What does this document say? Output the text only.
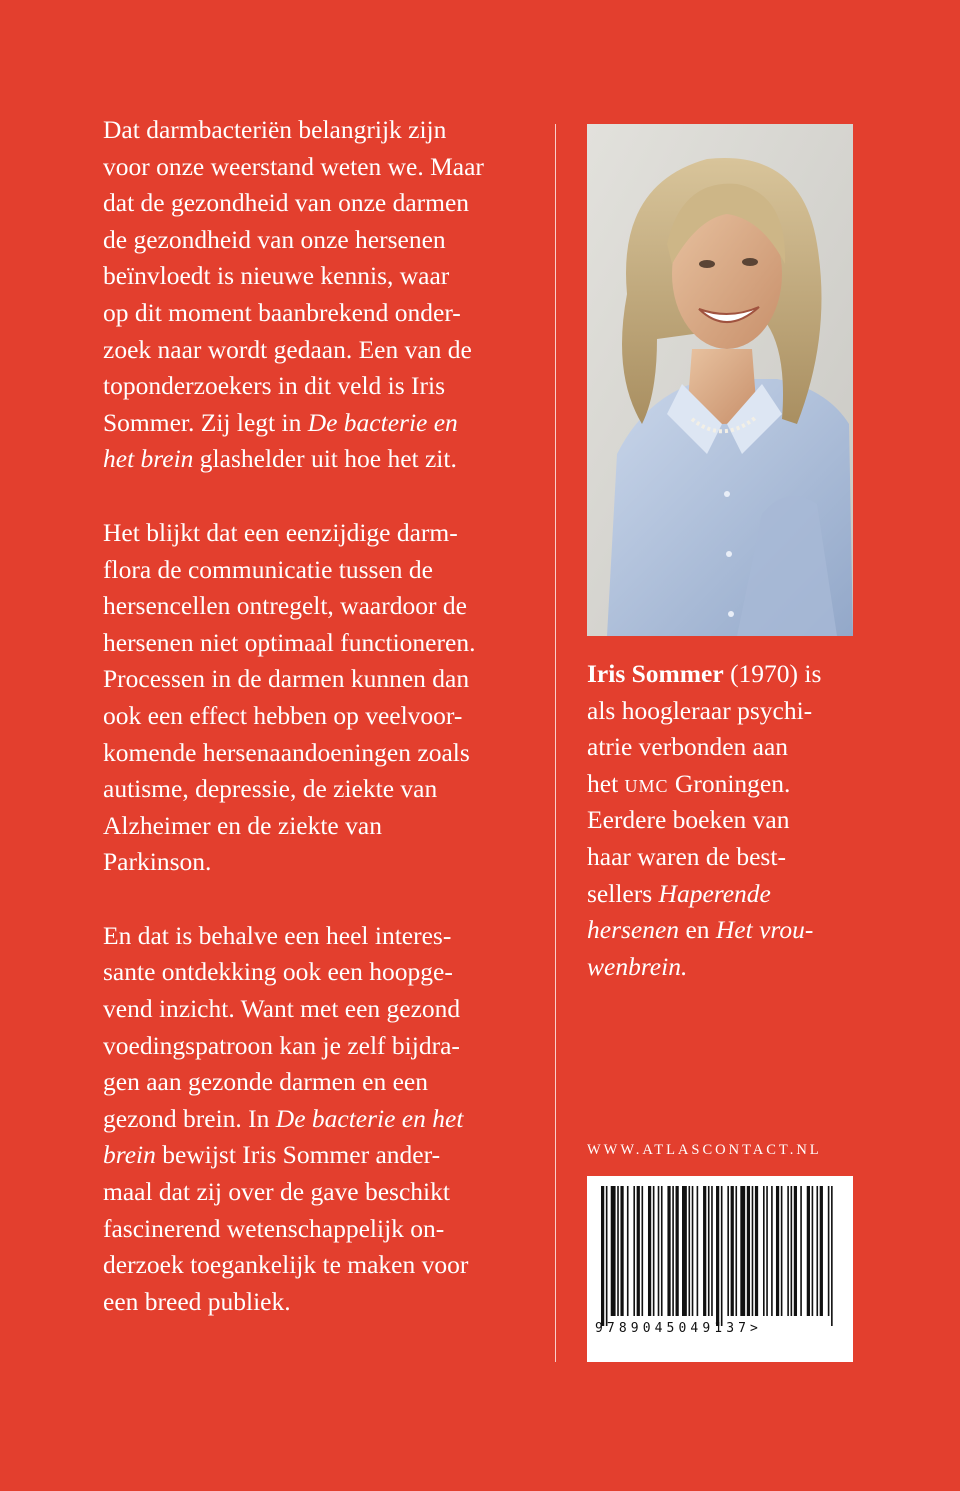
Dat darmbacteriën belangrijk zijn
voor onze weerstand weten we. Maar
dat de gezondheid van onze darmen
de gezondheid van onze hersenen
beïnvloedt is nieuwe kennis, waar
op dit moment baanbrekend onder-
zoek naar wordt gedaan. Een van de
toponderzoekers in dit veld is Iris
Sommer. Zij legt in De bacterie en
het brein glashelder uit hoe het zit.

Het blijkt dat een eenzijdige darm-
flora de communicatie tussen de
hersencellen ontregelt, waardoor de
hersenen niet optimaal functioneren.
Processen in de darmen kunnen dan
ook een effect hebben op veelvoor-
komende hersenaandoeningen zoals
autisme, depressie, de ziekte van
Alzheimer en de ziekte van
Parkinson.

En dat is behalve een heel interes-
sante ontdekking ook een hoopge-
vend inzicht. Want met een gezond
voedingspatroon kan je zelf bijdra-
gen aan gezonde darmen en een
gezond brein. In De bacterie en het
brein bewijst Iris Sommer ander-
maal dat zij over de gave beschikt
fascinerend wetenschappelijk on-
derzoek toegankelijk te maken voor
een breed publiek.

Iris Sommer (1970) is
als hoogleraar psychi-
atrie verbonden aan
het umc Groningen.
Eerdere boeken van
haar waren de best-
sellers Haperende
hersenen en Het vrou-
wenbrein.
WWW.ATLASCONTACT.NL
9789045049137>
